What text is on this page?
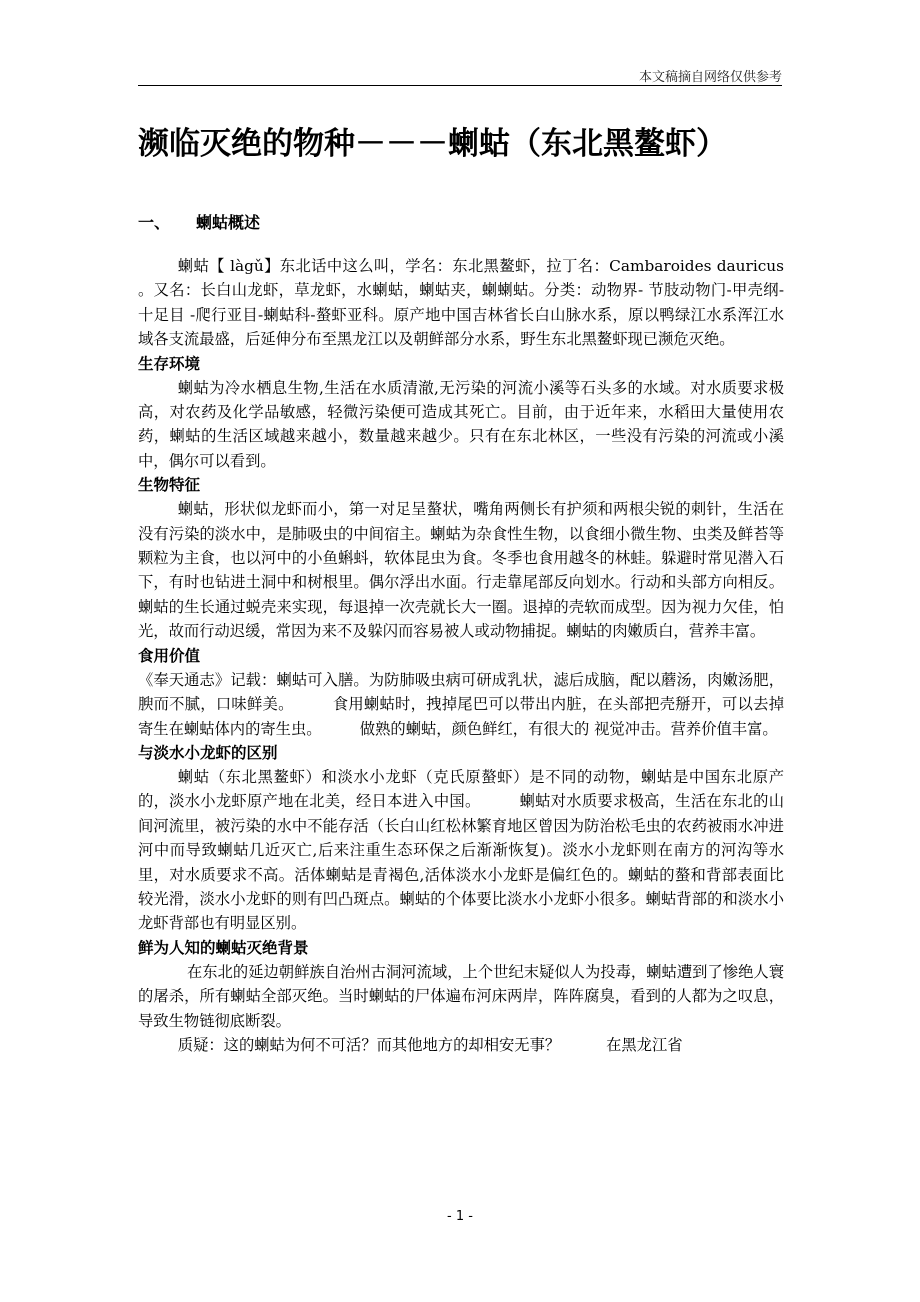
本文稿摘自网络仅供参考
濒临灭绝的物种－－－蝲蛄（东北黑鳌虾）
一、 蝲蛄概述

蝲蛄【 làgǔ】东北话中这么叫，学名：东北黑鳌虾，拉丁名：Cambaroides dauricus 。又名：长白山龙虾，草龙虾，水蝲蛄，蝲蛄夹，蝲蝲蛄。分类：动物界- 节肢动物门-甲壳纲-十足目 -爬行亚目-蝲蛄科-螯虾亚科。原产地中国吉林省长白山脉水系，原以鸭绿江水系浑江水域各支流最盛，后延伸分布至黑龙江以及朝鲜部分水系，野生东北黑鳌虾现已濒危灭绝。

生存环境

蝲蛄为冷水栖息生物,生活在水质清澈,无污染的河流小溪等石头多的水域。对水质要求极高，对农药及化学品敏感，轻微污染便可造成其死亡。目前，由于近年来，水稻田大量使用农药，蝲蛄的生活区域越来越小，数量越来越少。只有在东北林区，一些没有污染的河流或小溪中，偶尔可以看到。

生物特征

蝲蛄，形状似龙虾而小，第一对足呈螯状，嘴角两侧长有护须和两根尖锐的刺针，生活在没有污染的淡水中，是肺吸虫的中间宿主。蝲蛄为杂食性生物，以食细小微生物、虫类及鲜苔等颗粒为主食，也以河中的小鱼蝌蚪，软体昆虫为食。冬季也食用越冬的林蛙。躲避时常见潜入石下，有时也钻进土洞中和树根里。偶尔浮出水面。行走靠尾部反向划水。行动和头部方向相反。蝲蛄的生长通过蜕壳来实现，每退掉一次壳就长大一圈。退掉的壳软而成型。因为视力欠佳，怕光，故而行动迟缓，常因为来不及躲闪而容易被人或动物捕捉。蝲蛄的肉嫩质白，营养丰富。

食用价值

《奉天通志》记载：蝲蛄可入膳。为防肺吸虫病可研成乳状，滤后成脑，配以蘑汤，肉嫩汤肥，腴而不腻，口味鲜美。　　　食用蝲蛄时，拽掉尾巴可以带出内脏，在头部把壳掰开，可以去掉寄生在蝲蛄体内的寄生虫。　　　做熟的蝲蛄，颜色鲜红，有很大的 视觉冲击。营养价值丰富。

与淡水小龙虾的区别

蝲蛄（东北黑鳌虾）和淡水小龙虾（克氏原螯虾）是不同的动物，蝲蛄是中国东北原产的，淡水小龙虾原产地在北美，经日本进入中国。　　　蝲蛄对水质要求极高，生活在东北的山间河流里，被污染的水中不能存活（长白山红松林繁育地区曾因为防治松毛虫的农药被雨水冲进河中而导致蝲蛄几近灭亡,后来注重生态环保之后渐渐恢复)。淡水小龙虾则在南方的河沟等水里，对水质要求不高。活体蝲蛄是青褐色,活体淡水小龙虾是偏红色的。蝲蛄的螯和背部表面比较光滑，淡水小龙虾的则有凹凸斑点。蝲蛄的个体要比淡水小龙虾小很多。蝲蛄背部的和淡水小龙虾背部也有明显区别。

鲜为人知的蝲蛄灭绝背景

在东北的延边朝鲜族自治州古洞河流域，上个世纪末疑似人为投毒，蝲蛄遭到了惨绝人寰的屠杀，所有蝲蛄全部灭绝。当时蝲蛄的尸体遍布河床两岸，阵阵腐臭，看到的人都为之叹息，导致生物链彻底断裂。

质疑：这的蝲蛄为何不可活？而其他地方的却相安无事？　　　在黑龙江省

- 1 -
